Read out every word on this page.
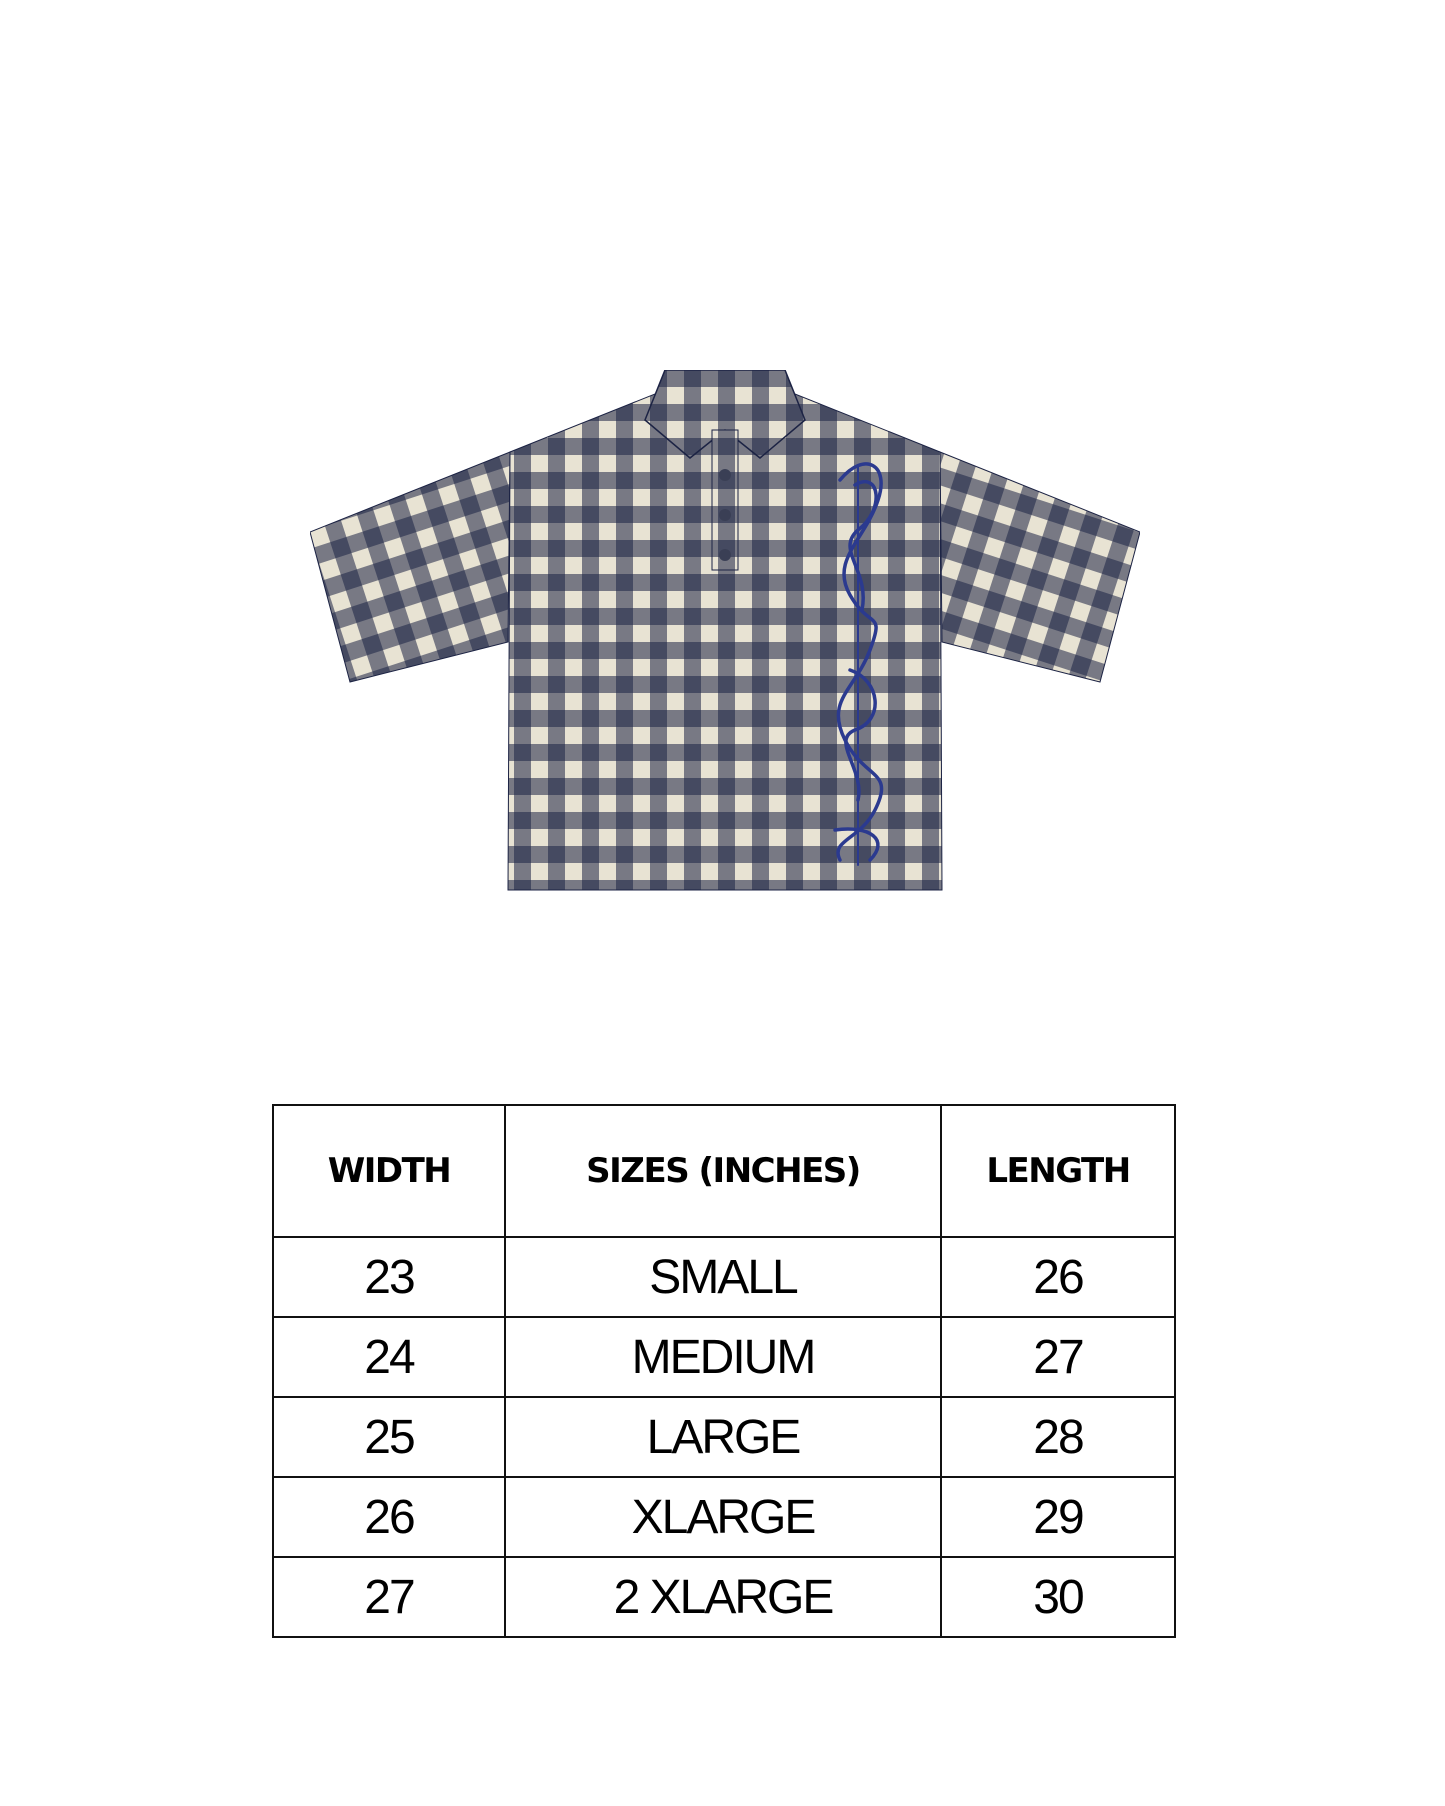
WIDTH	SIZES (INCHES)	LENGTH
23	SMALL	26
24	MEDIUM	27
25	LARGE	28
26	XLARGE	29
27	2 XLARGE	30
